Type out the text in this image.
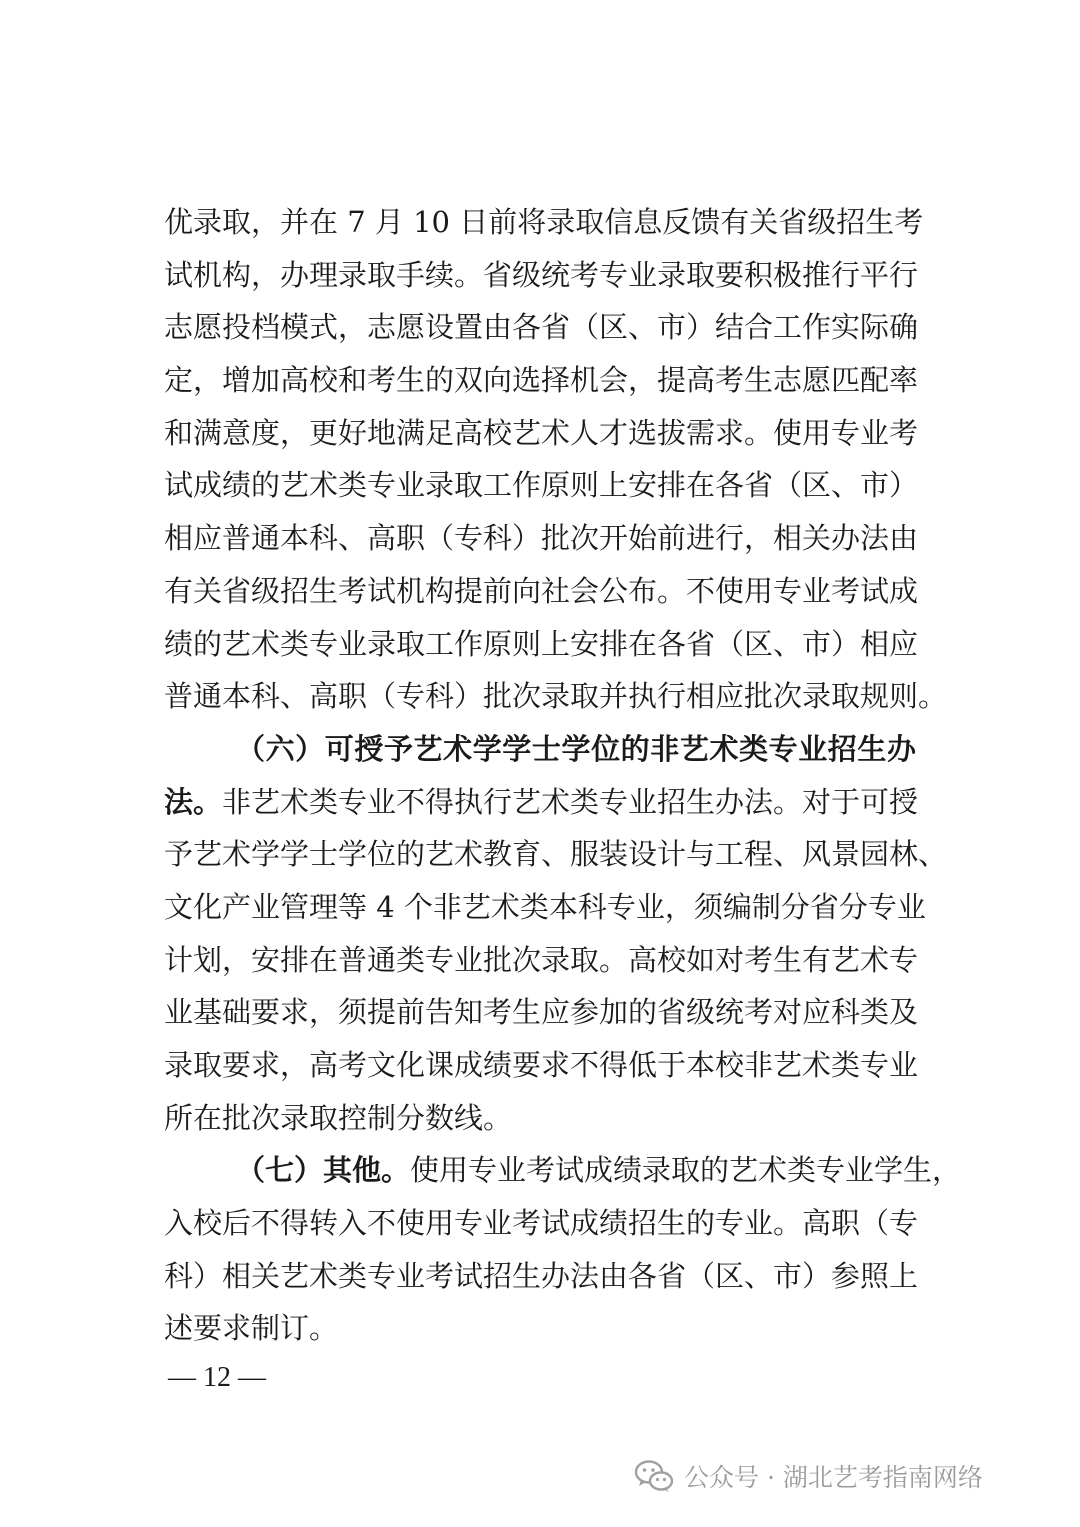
优录取，并在 7 月 10 日前将录取信息反馈有关省级招生考
试机构，办理录取手续。省级统考专业录取要积极推行平行
志愿投档模式，志愿设置由各省（区、市）结合工作实际确
定，增加高校和考生的双向选择机会，提高考生志愿匹配率
和满意度，更好地满足高校艺术人才选拔需求。使用专业考
试成绩的艺术类专业录取工作原则上安排在各省（区、市）
相应普通本科、高职（专科）批次开始前进行，相关办法由
有关省级招生考试机构提前向社会公布。不使用专业考试成
绩的艺术类专业录取工作原则上安排在各省（区、市）相应
普通本科、高职（专科）批次录取并执行相应批次录取规则。
（六）可授予艺术学学士学位的非艺术类专业招生办
法。非艺术类专业不得执行艺术类专业招生办法。对于可授
予艺术学学士学位的艺术教育、服装设计与工程、风景园林、
文化产业管理等 4 个非艺术类本科专业，须编制分省分专业
计划，安排在普通类专业批次录取。高校如对考生有艺术专
业基础要求，须提前告知考生应参加的省级统考对应科类及
录取要求，高考文化课成绩要求不得低于本校非艺术类专业
所在批次录取控制分数线。
（七）其他。使用专业考试成绩录取的艺术类专业学生，
入校后不得转入不使用专业考试成绩招生的专业。高职（专
科）相关艺术类专业考试招生办法由各省（区、市）参照上
述要求制订。
— 12 —
公众号 · 湖北艺考指南网络
